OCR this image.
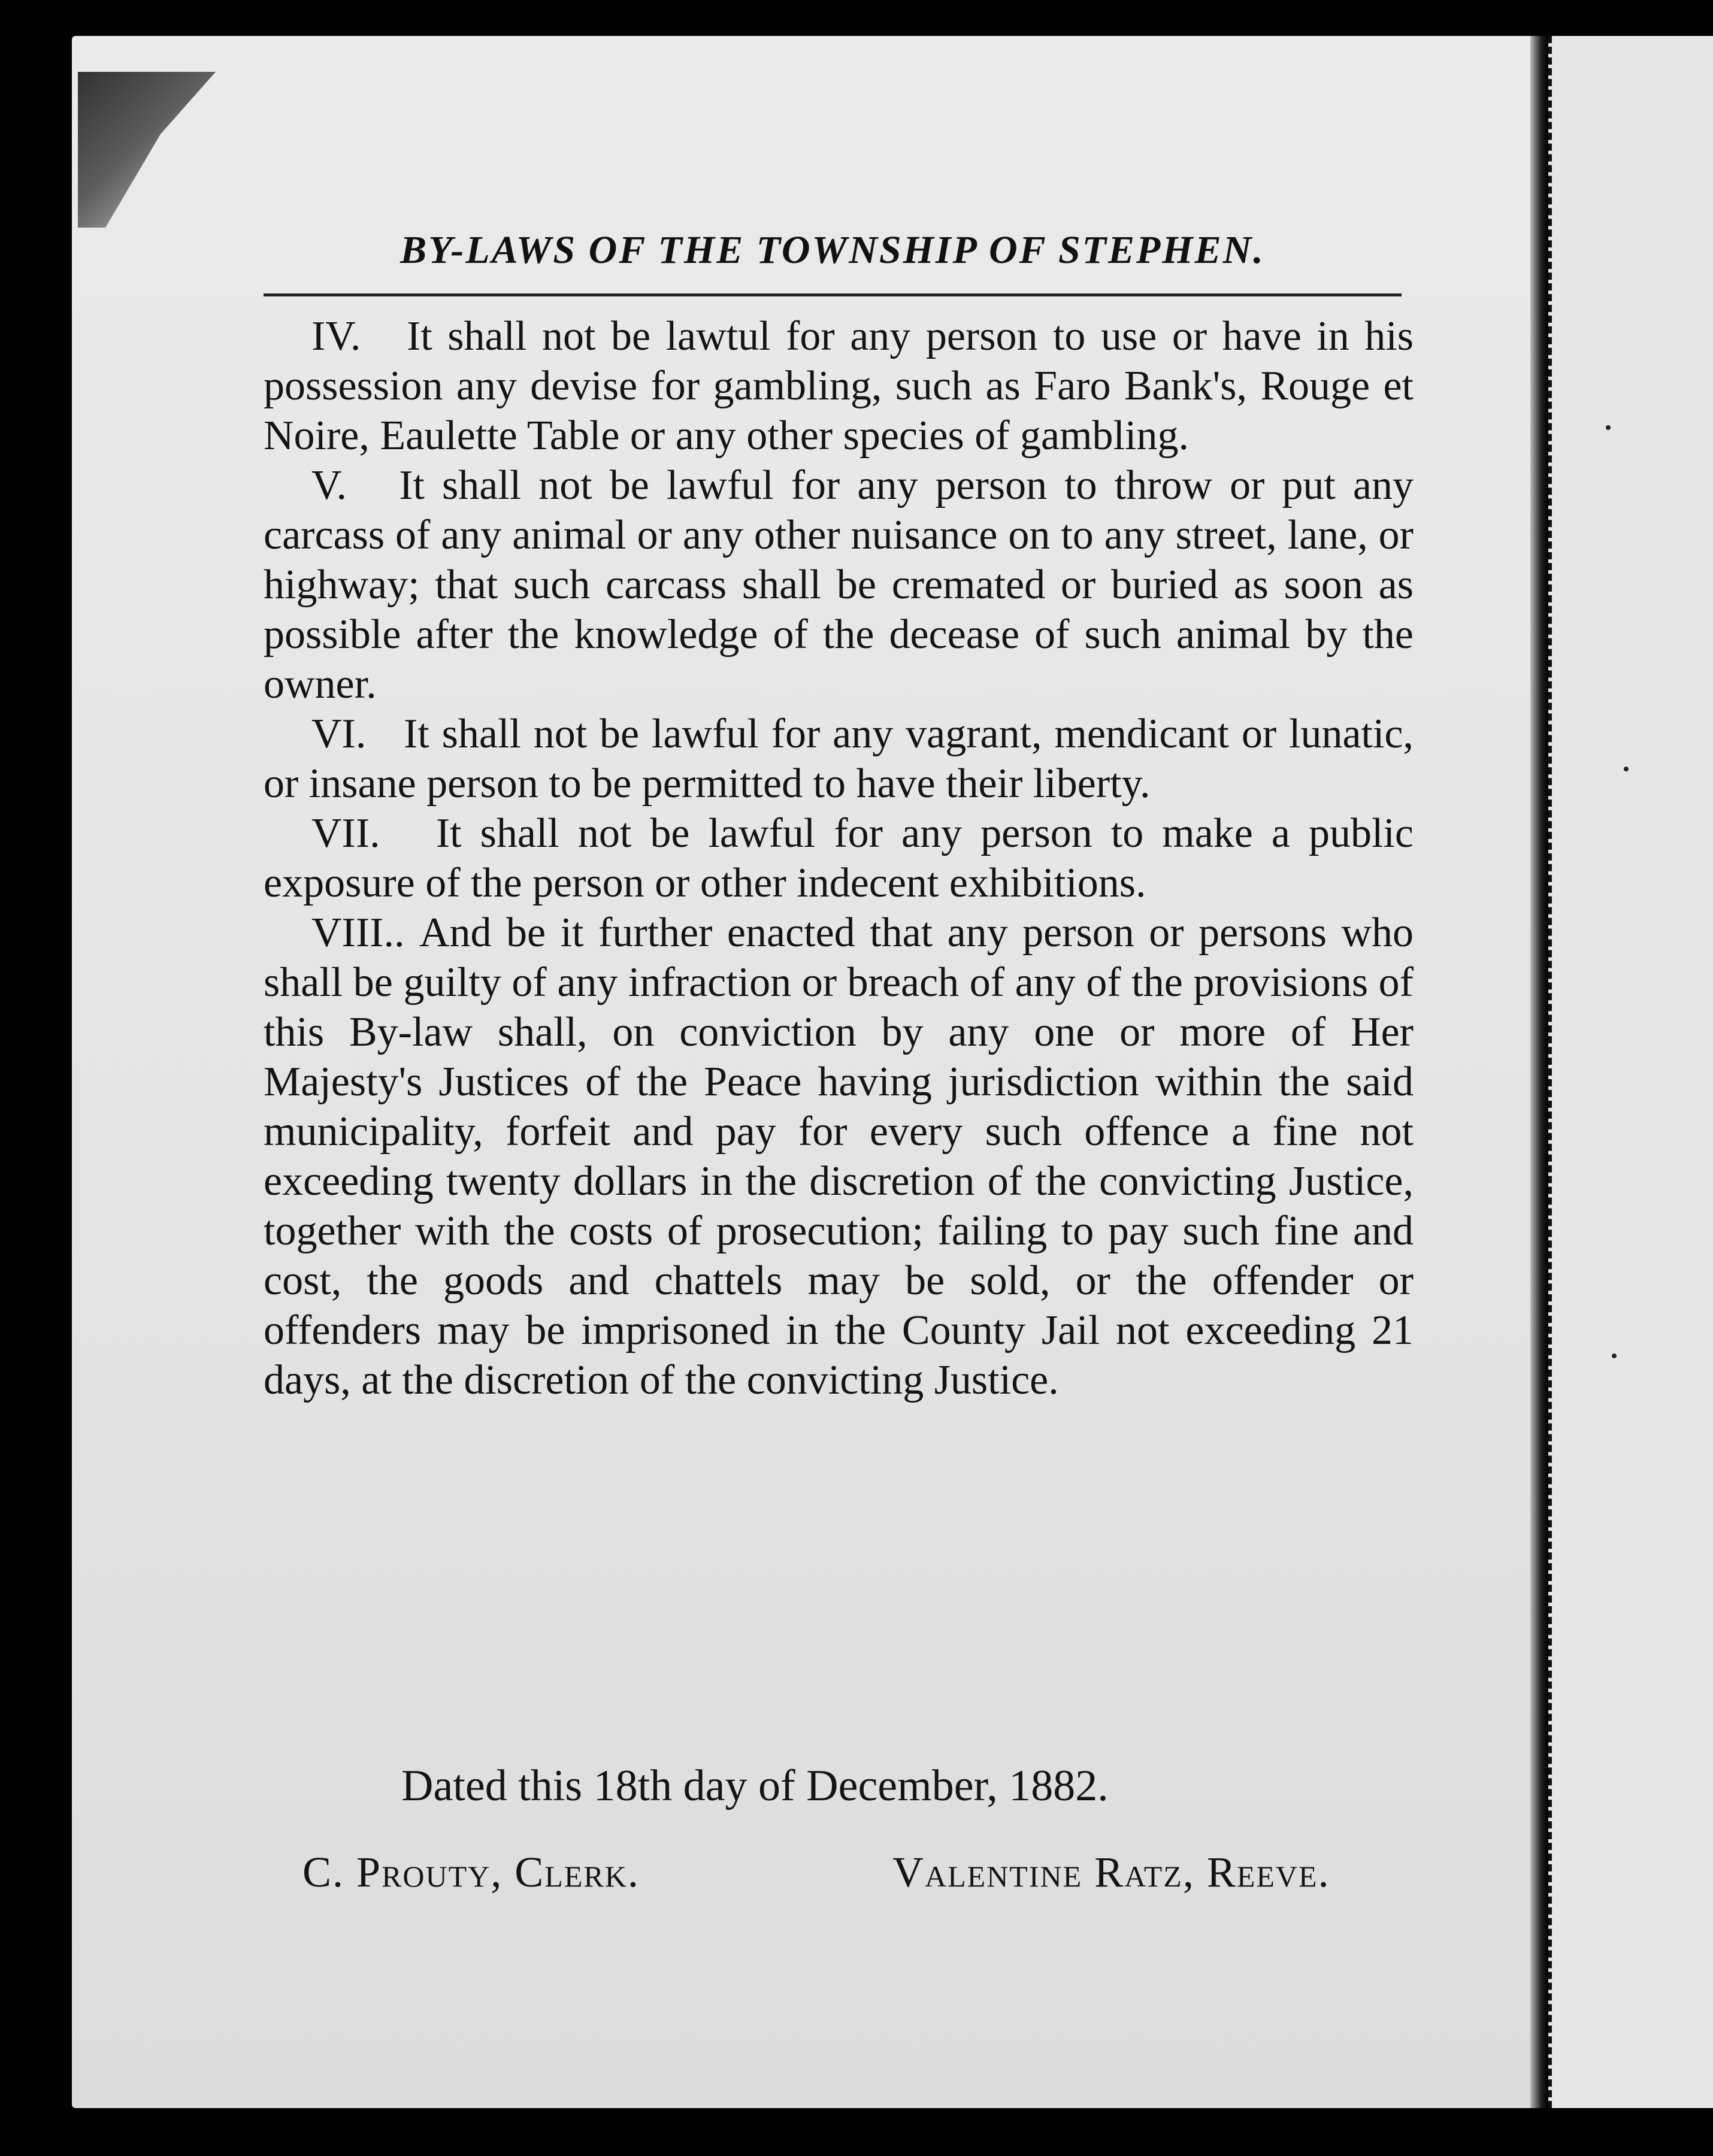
BY-LAWS OF THE TOWNSHIP OF STEPHEN.

IV. It shall not be lawtul for any person to use or have in his possession any devise for gambling, such as Faro Bank's, Rouge et Noire, Eaulette Table or any other species of gambling.

V. It shall not be lawful for any person to throw or put any carcass of any animal or any other nuisance on to any street, lane, or highway; that such carcass shall be cremated or buried as soon as possible after the knowledge of the decease of such animal by the owner.

VI. It shall not be lawful for any vagrant, mendicant or lunatic, or insane person to be permitted to have their liberty.

VII. It shall not be lawful for any person to make a public exposure of the person or other indecent exhibitions.

VIII.. And be it further enacted that any person or persons who shall be guilty of any infraction or breach of any of the provisions of this By-law shall, on conviction by any one or more of Her Majesty's Justices of the Peace having jurisdiction within the said municipality, forfeit and pay for every such offence a fine not exceeding twenty dollars in the discretion of the convicting Justice, together with the costs of prosecution; failing to pay such fine and cost, the goods and chattels may be sold, or the offender or offenders may be imprisoned in the County Jail not exceeding 21 days, at the discretion of the convicting Justice.

Dated this 18th day of December, 1882.
C. Prouty, Clerk.	Valentine Ratz, Reeve.
